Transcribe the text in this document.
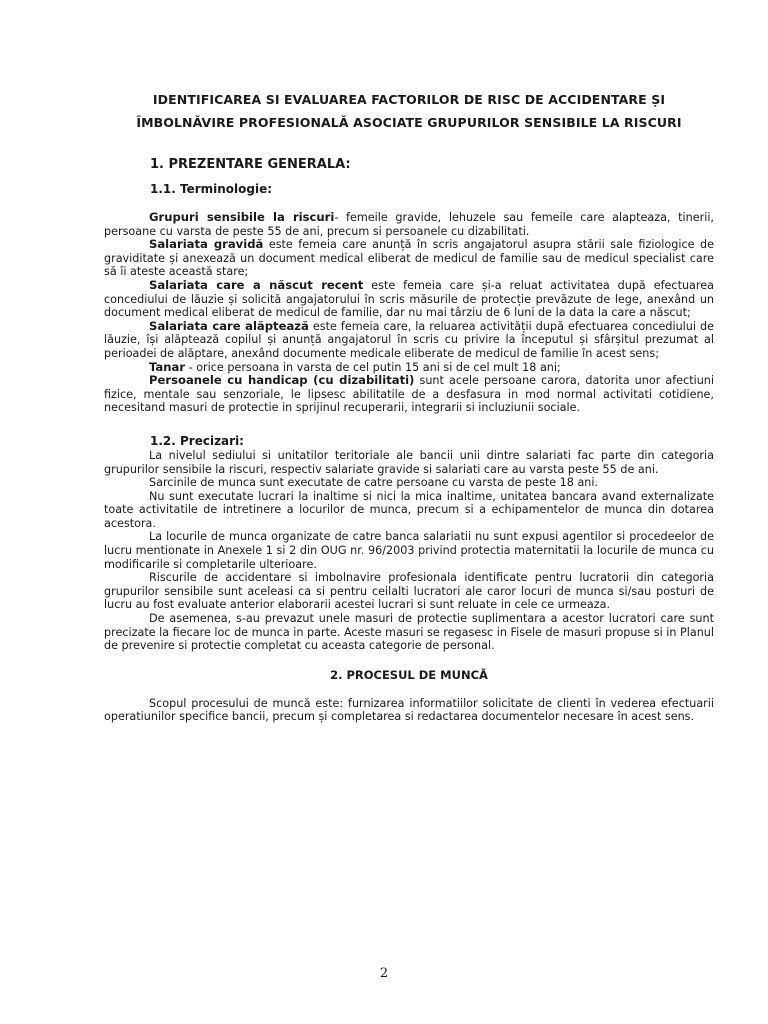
IDENTIFICAREA SI EVALUAREA FACTORILOR DE RISC DE ACCIDENTARE ȘI ÎMBOLNĂVIRE PROFESIONALĂ ASOCIATE GRUPURILOR SENSIBILE LA RISCURI
1. PREZENTARE GENERALA:
1.1. Terminologie:

Grupuri sensibile la riscuri- femeile gravide, lehuzele sau femeile care alapteaza, tinerii, persoane cu varsta de peste 55 de ani, precum si persoanele cu dizabilitati.

Salariata gravidă este femeia care anunță în scris angajatorul asupra stării sale fiziologice de graviditate și anexează un document medical eliberat de medicul de familie sau de medicul specialist care să îi ateste această stare;

Salariata care a născut recent este femeia care și-a reluat activitatea după efectuarea concediului de lăuzie și solicită angajatorului în scris măsurile de protecție prevăzute de lege, anexând un document medical eliberat de medicul de familie, dar nu mai târziu de 6 luni de la data la care a născut;

Salariata care alăptează este femeia care, la reluarea activității după efectuarea concediului de lăuzie, își alăptează copilul și anunță angajatorul în scris cu privire la începutul și sfârșitul prezumat al perioadei de alăptare, anexând documente medicale eliberate de medicul de familie în acest sens;

Tanar - orice persoana in varsta de cel putin 15 ani si de cel mult 18 ani;

Persoanele cu handicap (cu dizabilitati) sunt acele persoane carora, datorita unor afectiuni fizice, mentale sau senzoriale, le lipsesc abilitatile de a desfasura in mod normal activitati cotidiene, necesitand masuri de protectie in sprijinul recuperarii, integrarii si incluziunii sociale.

1.2. Precizari:

La nivelul sediului si unitatilor teritoriale ale bancii unii dintre salariati fac parte din categoria grupurilor sensibile la riscuri, respectiv salariate gravide si salariati care au varsta peste 55 de ani.

Sarcinile de munca sunt executate de catre persoane cu varsta de peste 18 ani.

Nu sunt executate lucrari la inaltime si nici la mica inaltime, unitatea bancara avand externalizate toate activitatile de intretinere a locurilor de munca, precum si a echipamentelor de munca din dotarea acestora.

La locurile de munca organizate de catre banca salariatii nu sunt expusi agentilor si procedeelor de lucru mentionate in Anexele 1 si 2 din OUG nr. 96/2003 privind protectia maternitatii la locurile de munca cu modificarile si completarile ulterioare.

Riscurile de accidentare si imbolnavire profesionala identificate pentru lucratorii din categoria grupurilor sensibile sunt aceleasi ca si pentru ceilalti lucratori ale caror locuri de munca si/sau posturi de lucru au fost evaluate anterior elaborarii acestei lucrari si sunt reluate in cele ce urmeaza.

De asemenea, s-au prevazut unele masuri de protectie suplimentara a acestor lucratori care sunt precizate la fiecare loc de munca in parte. Aceste masuri se regasesc in Fisele de masuri propuse si in Planul de prevenire si protectie completat cu aceasta categorie de personal.

2. PROCESUL DE MUNCĂ

Scopul procesului de muncă este: furnizarea informatiilor solicitate de clienti în vederea efectuarii operatiunilor specifice bancii, precum și completarea si redactarea documentelor necesare în acest sens.

2
